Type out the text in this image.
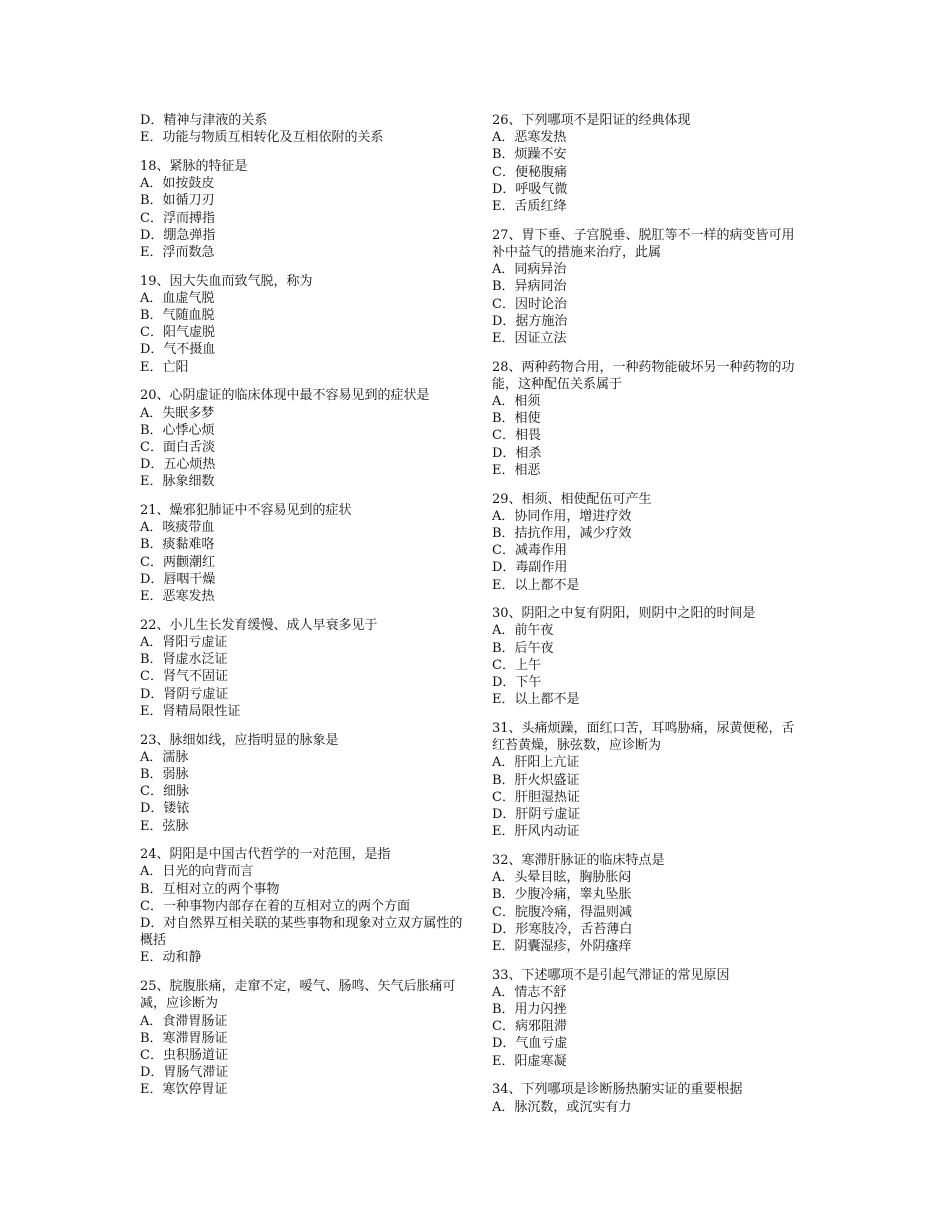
D．精神与津液的关系
E．功能与物质互相转化及互相依附的关系
18、紧脉的特征是
A．如按鼓皮
B．如循刀刃
C．浮而搏指
D．绷急弹指
E．浮而数急
19、因大失血而致气脱，称为
A．血虚气脱
B．气随血脱
C．阳气虚脱
D．气不摄血
E．亡阳
20、心阴虚证的临床体现中最不容易见到的症状是
A．失眠多梦
B．心悸心烦
C．面白舌淡
D．五心烦热
E．脉象细数
21、燥邪犯肺证中不容易见到的症状
A．咳痰带血
B．痰黏难咯
C．两颧潮红
D．唇咽干燥
E．恶寒发热
22、小儿生长发育缓慢、成人早衰多见于
A．肾阳亏虚证
B．肾虚水泛证
C．肾气不固证
D．肾阴亏虚证
E．肾精局限性证
23、脉细如线，应指明显的脉象是
A．濡脉
B．弱脉
C．细脉
D．镂铱
E．弦脉
24、阴阳是中国古代哲学的一对范围，是指
A．日光的向背而言
B．互相对立的两个事物
C．一种事物内部存在着的互相对立的两个方面
D．对自然界互相关联的某些事物和现象对立双方属性的概括
E．动和静
25、脘腹胀痛，走窜不定，嗳气、肠鸣、矢气后胀痛可减，应诊断为
A．食滞胃肠证
B．寒滞胃肠证
C．虫积肠道证
D．胃肠气滞证
E．寒饮停胃证
26、下列哪项不是阳证的经典体现
A．恶寒发热
B．烦躁不安
C．便秘腹痛
D．呼吸气微
E．舌质红绛
27、胃下垂、子宫脱垂、脱肛等不一样的病变皆可用补中益气的措施来治疗，此属
A．同病异治
B．异病同治
C．因时论治
D．据方施治
E．因证立法
28、两种药物合用，一种药物能破坏另一种药物的功能，这种配伍关系属于
A．相须
B．相使
C．相畏
D．相杀
E．相恶
29、相须、相使配伍可产生
A．协同作用，增进疗效
B．拮抗作用，减少疗效
C．减毒作用
D．毒副作用
E．以上都不是
30、阴阳之中复有阴阳，则阴中之阳的时间是
A．前午夜
B．后午夜
C．上午
D．下午
E．以上都不是
31、头痛烦躁，面红口苦，耳鸣胁痛，尿黄便秘，舌红苔黄燥，脉弦数，应诊断为
A．肝阳上亢证
B．肝火炽盛证
C．肝胆湿热证
D．肝阴亏虚证
E．肝风内动证
32、寒滞肝脉证的临床特点是
A．头晕目眩，胸胁胀闷
B．少腹冷痛，睾丸坠胀
C．脘腹冷痛，得温则减
D．形寒肢冷，舌苔薄白
E．阴囊湿疹，外阴瘙痒
33、下述哪项不是引起气滞证的常见原因
A．情志不舒
B．用力闪挫
C．病邪阻滞
D．气血亏虚
E．阳虚寒凝
34、下列哪项是诊断肠热腑实证的重要根据
A．脉沉数，或沉实有力
